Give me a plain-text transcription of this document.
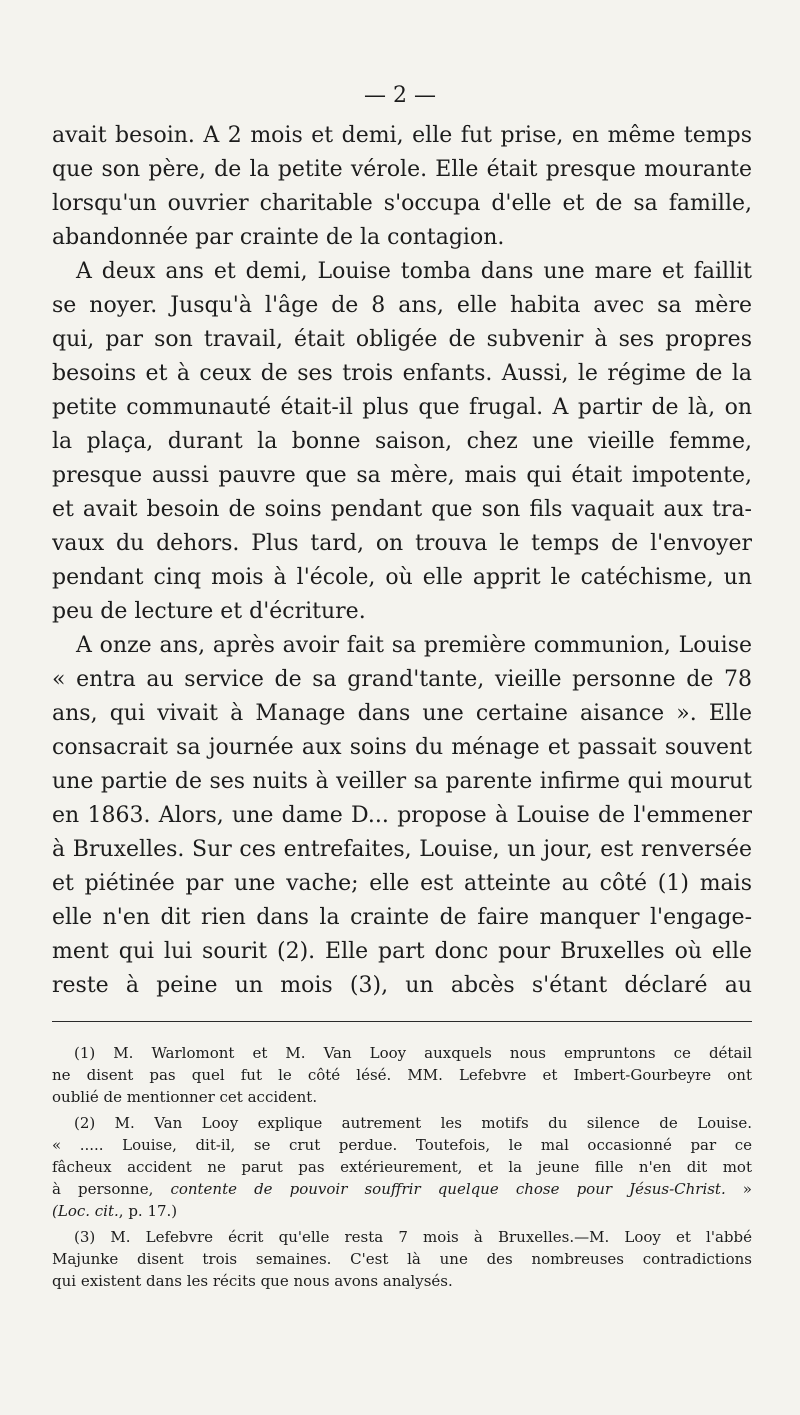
— 2 —
avait besoin. A 2 mois et demi, elle fut prise, en même temps
que son père, de la petite vérole. Elle était presque mourante
lorsqu'un ouvrier charitable s'occupa d'elle et de sa famille,
abandonnée par crainte de la contagion.
A deux ans et demi, Louise tomba dans une mare et faillit
se noyer. Jusqu'à l'âge de 8 ans, elle habita avec sa mère
qui, par son travail, était obligée de subvenir à ses propres
besoins et à ceux de ses trois enfants. Aussi, le régime de la
petite communauté était-il plus que frugal. A partir de là, on
la plaça, durant la bonne saison, chez une vieille femme,
presque aussi pauvre que sa mère, mais qui était impotente,
et avait besoin de soins pendant que son fils vaquait aux tra-
vaux du dehors. Plus tard, on trouva le temps de l'envoyer
pendant cinq mois à l'école, où elle apprit le catéchisme, un
peu de lecture et d'écriture.
A onze ans, après avoir fait sa première communion, Louise
« entra au service de sa grand'tante, vieille personne de 78
ans, qui vivait à Manage dans une certaine aisance ». Elle
consacrait sa journée aux soins du ménage et passait souvent
une partie de ses nuits à veiller sa parente infirme qui mourut
en 1863. Alors, une dame D... propose à Louise de l'emmener
à Bruxelles. Sur ces entrefaites, Louise, un jour, est renversée
et piétinée par une vache; elle est atteinte au côté (1) mais
elle n'en dit rien dans la crainte de faire manquer l'engage-
ment qui lui sourit (2). Elle part donc pour Bruxelles où elle
reste à peine un mois (3), un abcès s'étant déclaré au
(1) M. Warlomont et M. Van Looy auxquels nous empruntons ce détail
ne disent pas quel fut le côté lésé. MM. Lefebvre et Imbert-Gourbeyre ont
oublié de mentionner cet accident.
(2) M. Van Looy explique autrement les motifs du silence de Louise.
« ..... Louise, dit-il, se crut perdue. Toutefois, le mal occasionné par ce
fâcheux accident ne parut pas extérieurement, et la jeune fille n'en dit mot
à personne, contente de pouvoir souffrir quelque chose pour Jésus-Christ. »
(Loc. cit., p. 17.)
(3) M. Lefebvre écrit qu'elle resta 7 mois à Bruxelles.—M. Looy et l'abbé
Majunke disent trois semaines. C'est là une des nombreuses contradictions
qui existent dans les récits que nous avons analysés.
